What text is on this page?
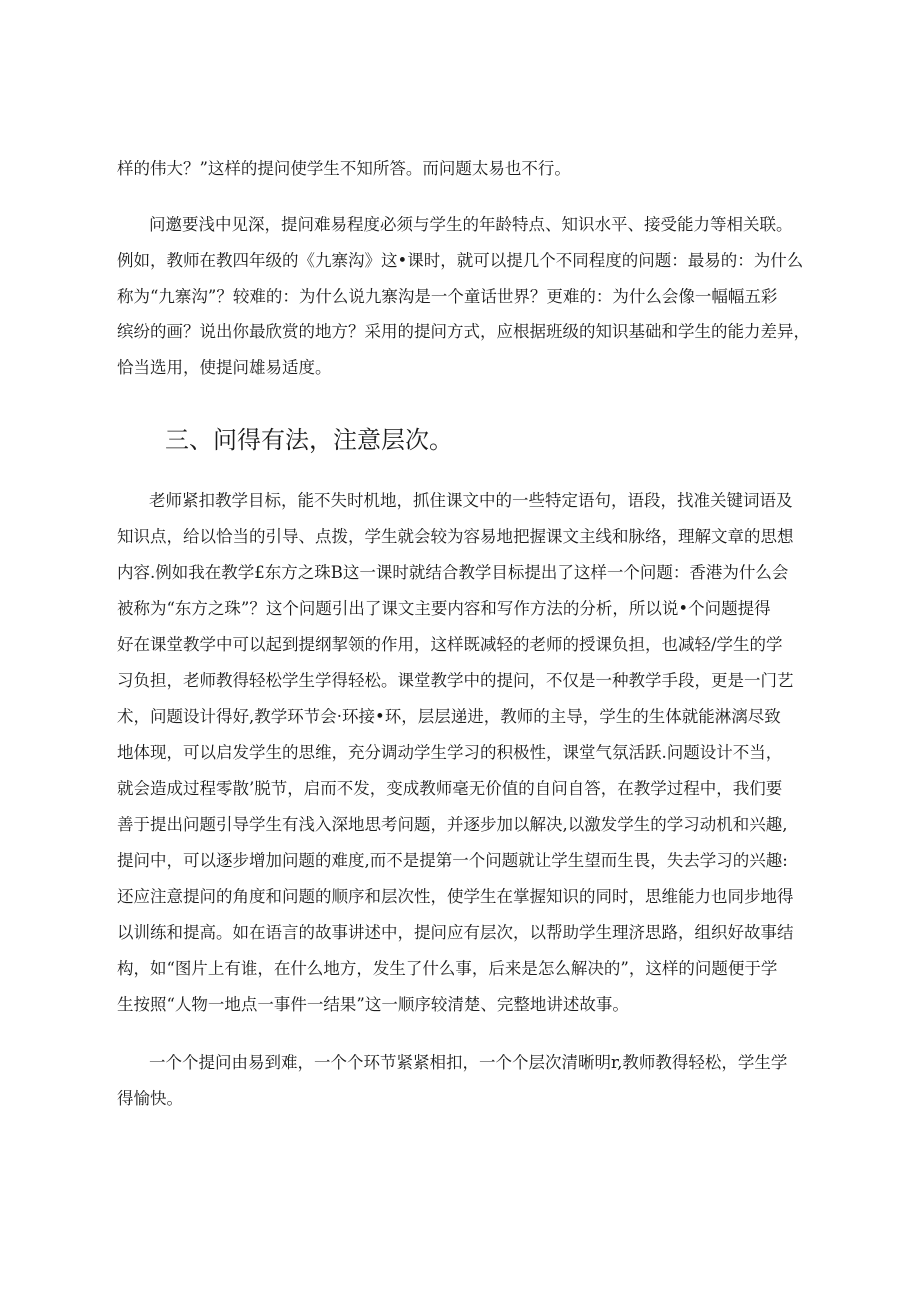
样的伟大？”这样的提问使学生不知所答。而问题太易也不行。
问邀要浅中见深，提问难易程度必须与学生的年龄特点、知识水平、接受能力等相关联。
例如，教师在教四年级的《九寨沟》这•课时，就可以提几个不同程度的问题：最易的：为什么
称为“九寨沟”？较难的：为什么说九寨沟是一个童话世界？更难的：为什么会像一幅幅五彩
缤纷的画？说出你最欣赏的地方？采用的提问方式，应根据班级的知识基础和学生的能力差异，
恰当选用，使提问雄易适度。
三、问得有法，注意层次。
老师紧扣教学目标，能不失时机地，抓住课文中的一些特定语句，语段，找准关键词语及
知识点，给以恰当的引导、点拨，学生就会较为容易地把握课文主线和脉络，理解文章的思想
内容.例如我在教学£东方之珠B这一课时就结合教学目标提出了这样一个问题：香港为什么会
被称为“东方之珠”？这个问题引出了课文主要内容和写作方法的分析，所以说•个问题提得
好在课堂教学中可以起到提纲挈领的作用，这样既减轻的老师的授课负担，也减轻/学生的学
习负担，老师教得轻松学生学得轻松。课堂教学中的提问，不仅是一种教学手段，更是一门艺
术，问题设计得好,教学环节会·环接•环，层层递进，教师的主导，学生的生体就能淋漓尽致
地体现，可以启发学生的思维，充分调动学生学习的积极性，课堂气氛活跃.问题设计不当，
就会造成过程零散’脱节，启而不发，变成教师毫无价值的自问自答，在教学过程中，我们要
善于提出问题引导学生有浅入深地思考问题，并逐步加以解决,以激发学生的学习动机和兴趣,
提问中，可以逐步增加问题的难度,而不是提第一个问题就让学生望而生畏，失去学习的兴趣:
还应注意提问的角度和问题的顺序和层次性，使学生在掌握知识的同时，思维能力也同步地得
以训练和提高。如在语言的故事讲述中，提问应有层次，以帮助学生理济思路，组织好故事结
构，如“图片上有谁，在什么地方，发生了什么事，后来是怎么解决的”，这样的问题便于学
生按照“人物一地点一事件一结果”这一顺序较清楚、完整地讲述故事。
一个个提问由易到难，一个个环节紧紧相扣，一个个层次清晰明r,教师教得轻松，学生学
得愉快。
